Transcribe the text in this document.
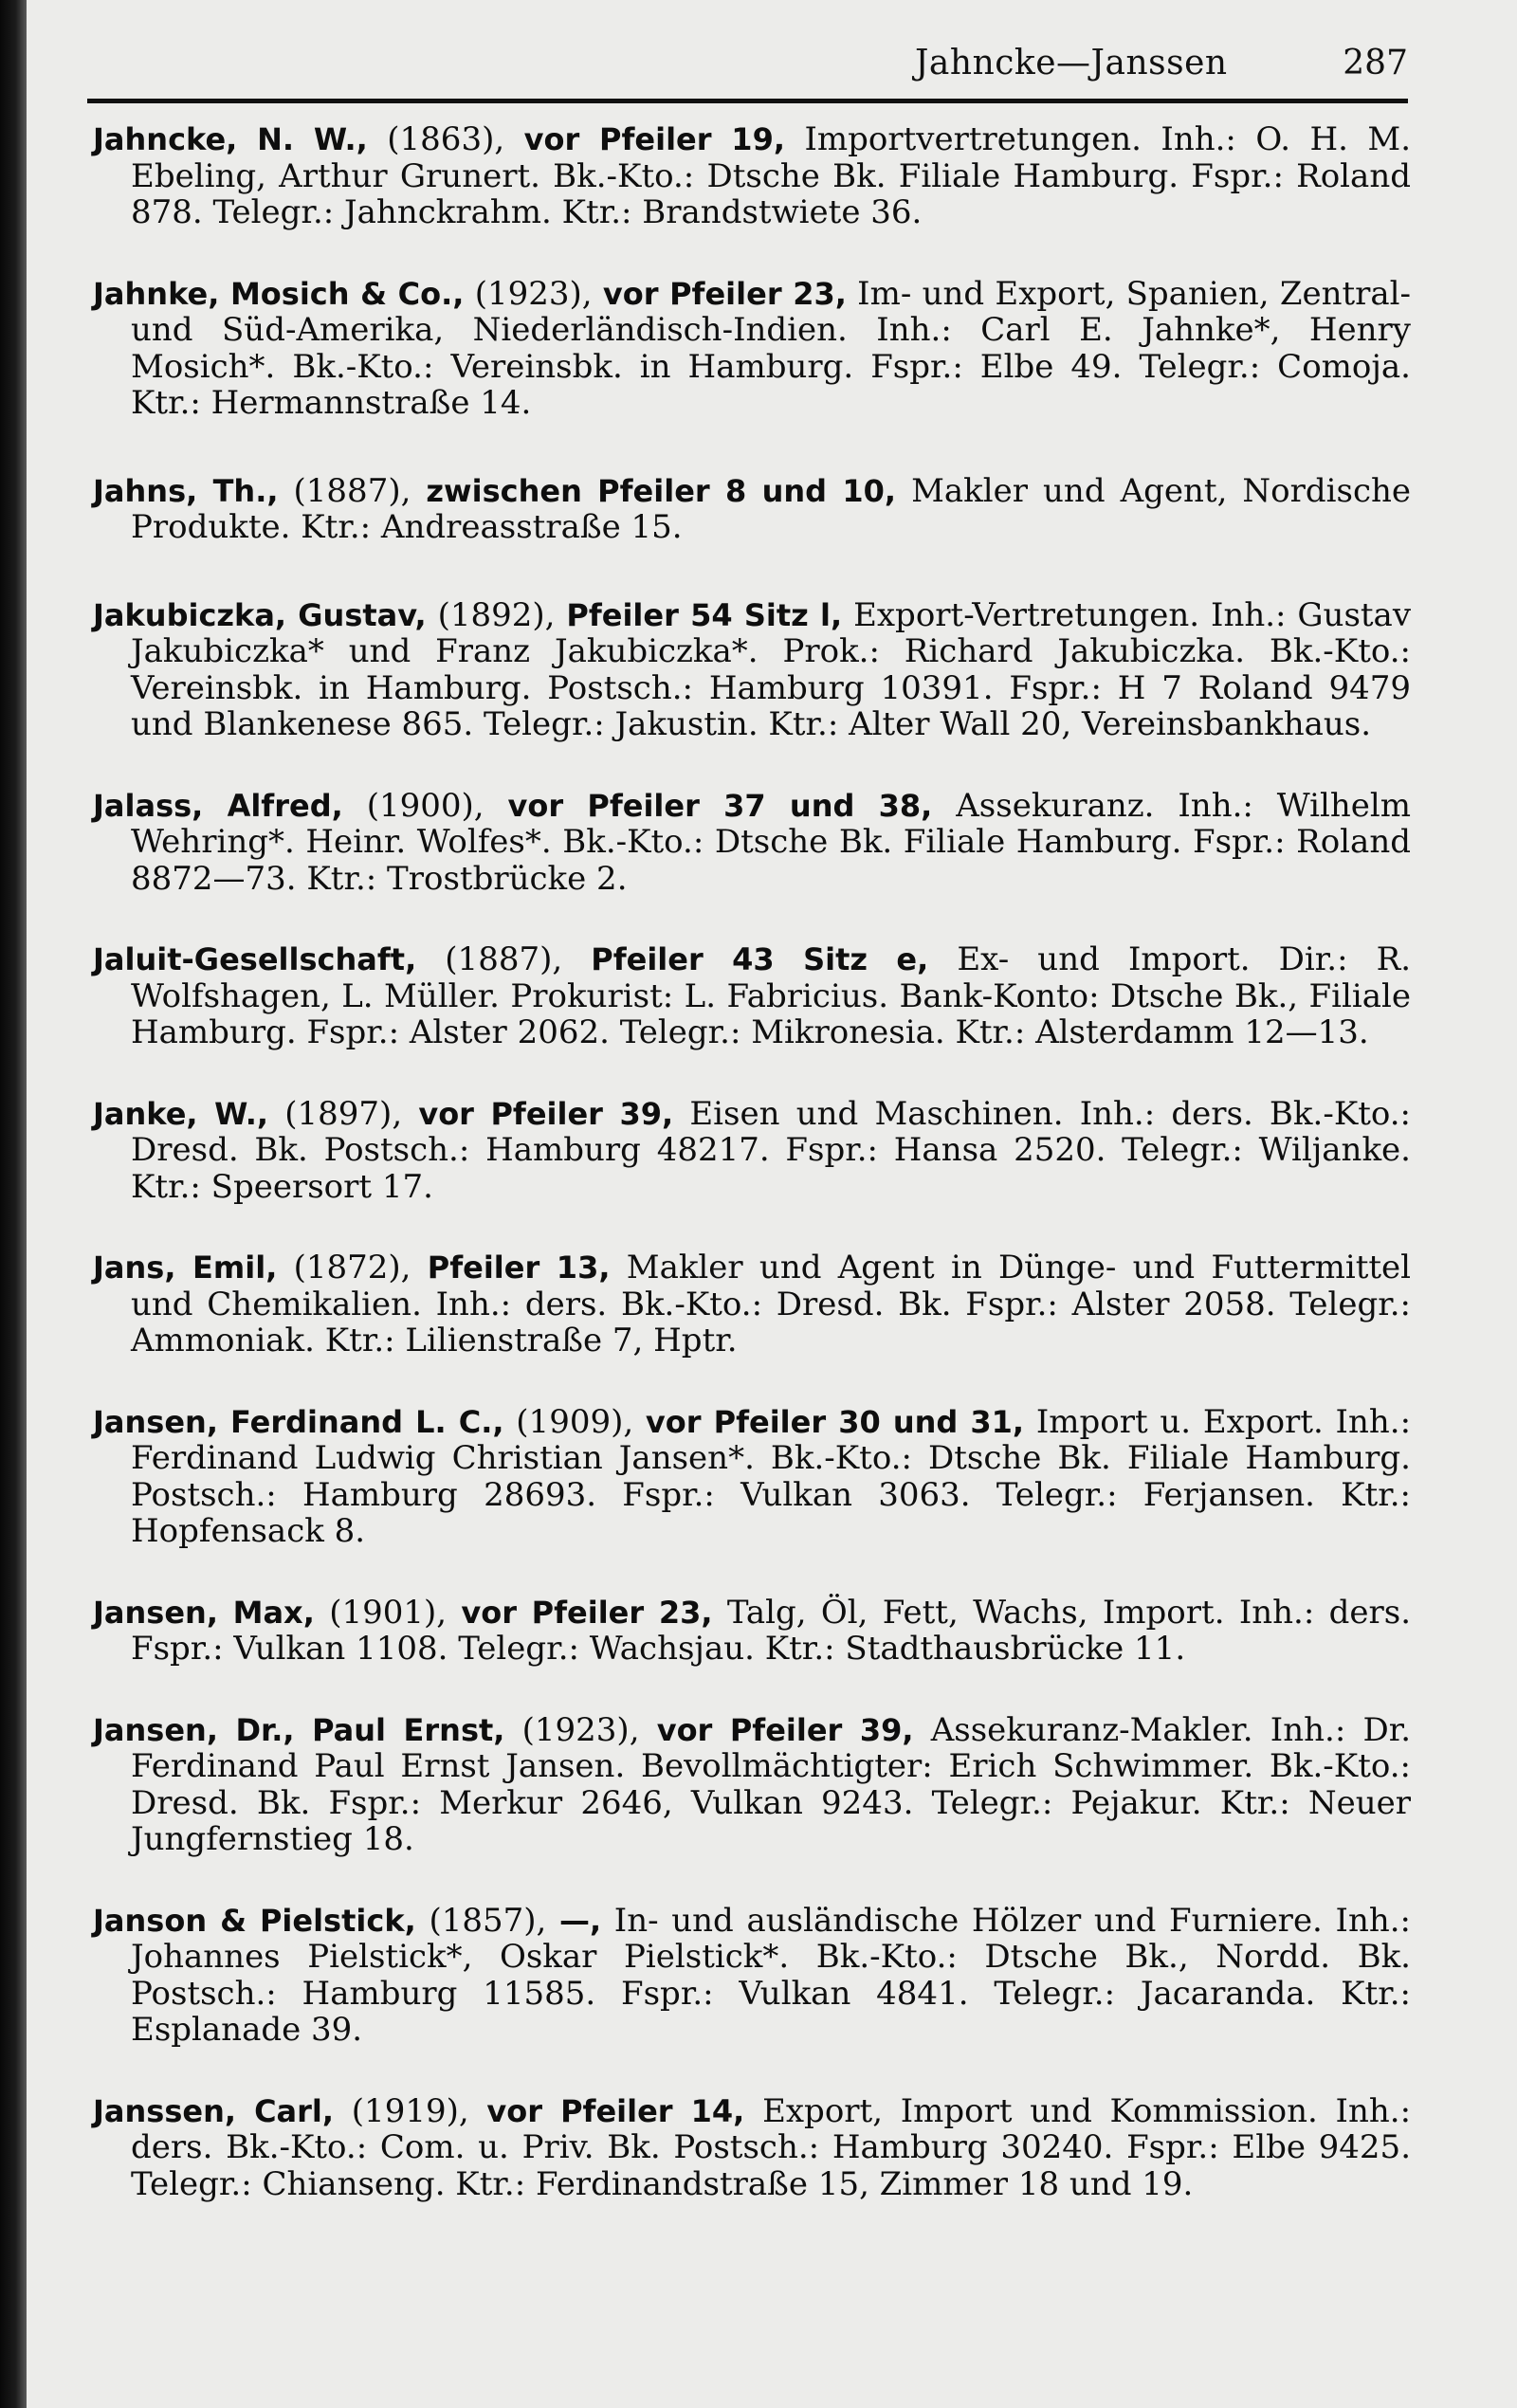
Jahncke—Janssen	287

Jahncke, N. W., (1863), vor Pfeiler 19, Importvertretungen. Inh.: O. H. M. Ebeling, Arthur Grunert. Bk.-Kto.: Dtsche Bk. Filiale Hamburg. Fspr.: Roland 878. Telegr.: Jahnckrahm. Ktr.: Brandstwiete 36.

Jahnke, Mosich & Co., (1923), vor Pfeiler 23, Im- und Export, Spanien, Zentral- und Süd-Amerika, Niederländisch-Indien. Inh.: Carl E. Jahnke*, Henry Mosich*. Bk.-Kto.: Vereinsbk. in Hamburg. Fspr.: Elbe 49. Telegr.: Comoja. Ktr.: Hermannstraße 14.

Jahns, Th., (1887), zwischen Pfeiler 8 und 10, Makler und Agent, Nordische Produkte. Ktr.: Andreasstraße 15.

Jakubiczka, Gustav, (1892), Pfeiler 54 Sitz l, Export-Vertretungen. Inh.: Gustav Jakubiczka* und Franz Jakubiczka*. Prok.: Richard Jakubiczka. Bk.-Kto.: Vereinsbk. in Hamburg. Postsch.: Hamburg 10391. Fspr.: H 7 Roland 9479 und Blankenese 865. Telegr.: Jakustin. Ktr.: Alter Wall 20, Vereinsbankhaus.

Jalass, Alfred, (1900), vor Pfeiler 37 und 38, Assekuranz. Inh.: Wilhelm Wehring*. Heinr. Wolfes*. Bk.-Kto.: Dtsche Bk. Filiale Hamburg. Fspr.: Roland 8872—73. Ktr.: Trostbrücke 2.

Jaluit-Gesellschaft, (1887), Pfeiler 43 Sitz e, Ex- und Import. Dir.: R. Wolfshagen, L. Müller. Prokurist: L. Fabricius. Bank-Konto: Dtsche Bk., Filiale Hamburg. Fspr.: Alster 2062. Telegr.: Mikronesia. Ktr.: Alsterdamm 12—13.

Janke, W., (1897), vor Pfeiler 39, Eisen und Maschinen. Inh.: ders. Bk.-Kto.: Dresd. Bk. Postsch.: Hamburg 48217. Fspr.: Hansa 2520. Telegr.: Wiljanke. Ktr.: Speersort 17.

Jans, Emil, (1872), Pfeiler 13, Makler und Agent in Dünge- und Futtermittel und Chemikalien. Inh.: ders. Bk.-Kto.: Dresd. Bk. Fspr.: Alster 2058. Telegr.: Ammoniak. Ktr.: Lilienstraße 7, Hptr.

Jansen, Ferdinand L. C., (1909), vor Pfeiler 30 und 31, Import u. Export. Inh.: Ferdinand Ludwig Christian Jansen*. Bk.-Kto.: Dtsche Bk. Filiale Hamburg. Postsch.: Hamburg 28693. Fspr.: Vulkan 3063. Telegr.: Ferjansen. Ktr.: Hopfensack 8.

Jansen, Max, (1901), vor Pfeiler 23, Talg, Öl, Fett, Wachs, Import. Inh.: ders. Fspr.: Vulkan 1108. Telegr.: Wachsjau. Ktr.: Stadthausbrücke 11.

Jansen, Dr., Paul Ernst, (1923), vor Pfeiler 39, Assekuranz-Makler. Inh.: Dr. Ferdinand Paul Ernst Jansen. Bevollmächtigter: Erich Schwimmer. Bk.-Kto.: Dresd. Bk. Fspr.: Merkur 2646, Vulkan 9243. Telegr.: Pejakur. Ktr.: Neuer Jungfernstieg 18.

Janson & Pielstick, (1857), —, In- und ausländische Hölzer und Furniere. Inh.: Johannes Pielstick*, Oskar Pielstick*. Bk.-Kto.: Dtsche Bk., Nordd. Bk. Postsch.: Hamburg 11585. Fspr.: Vulkan 4841. Telegr.: Jacaranda. Ktr.: Esplanade 39.

Janssen, Carl, (1919), vor Pfeiler 14, Export, Import und Kommission. Inh.: ders. Bk.-Kto.: Com. u. Priv. Bk. Postsch.: Hamburg 30240. Fspr.: Elbe 9425. Telegr.: Chianseng. Ktr.: Ferdinandstraße 15, Zimmer 18 und 19.
